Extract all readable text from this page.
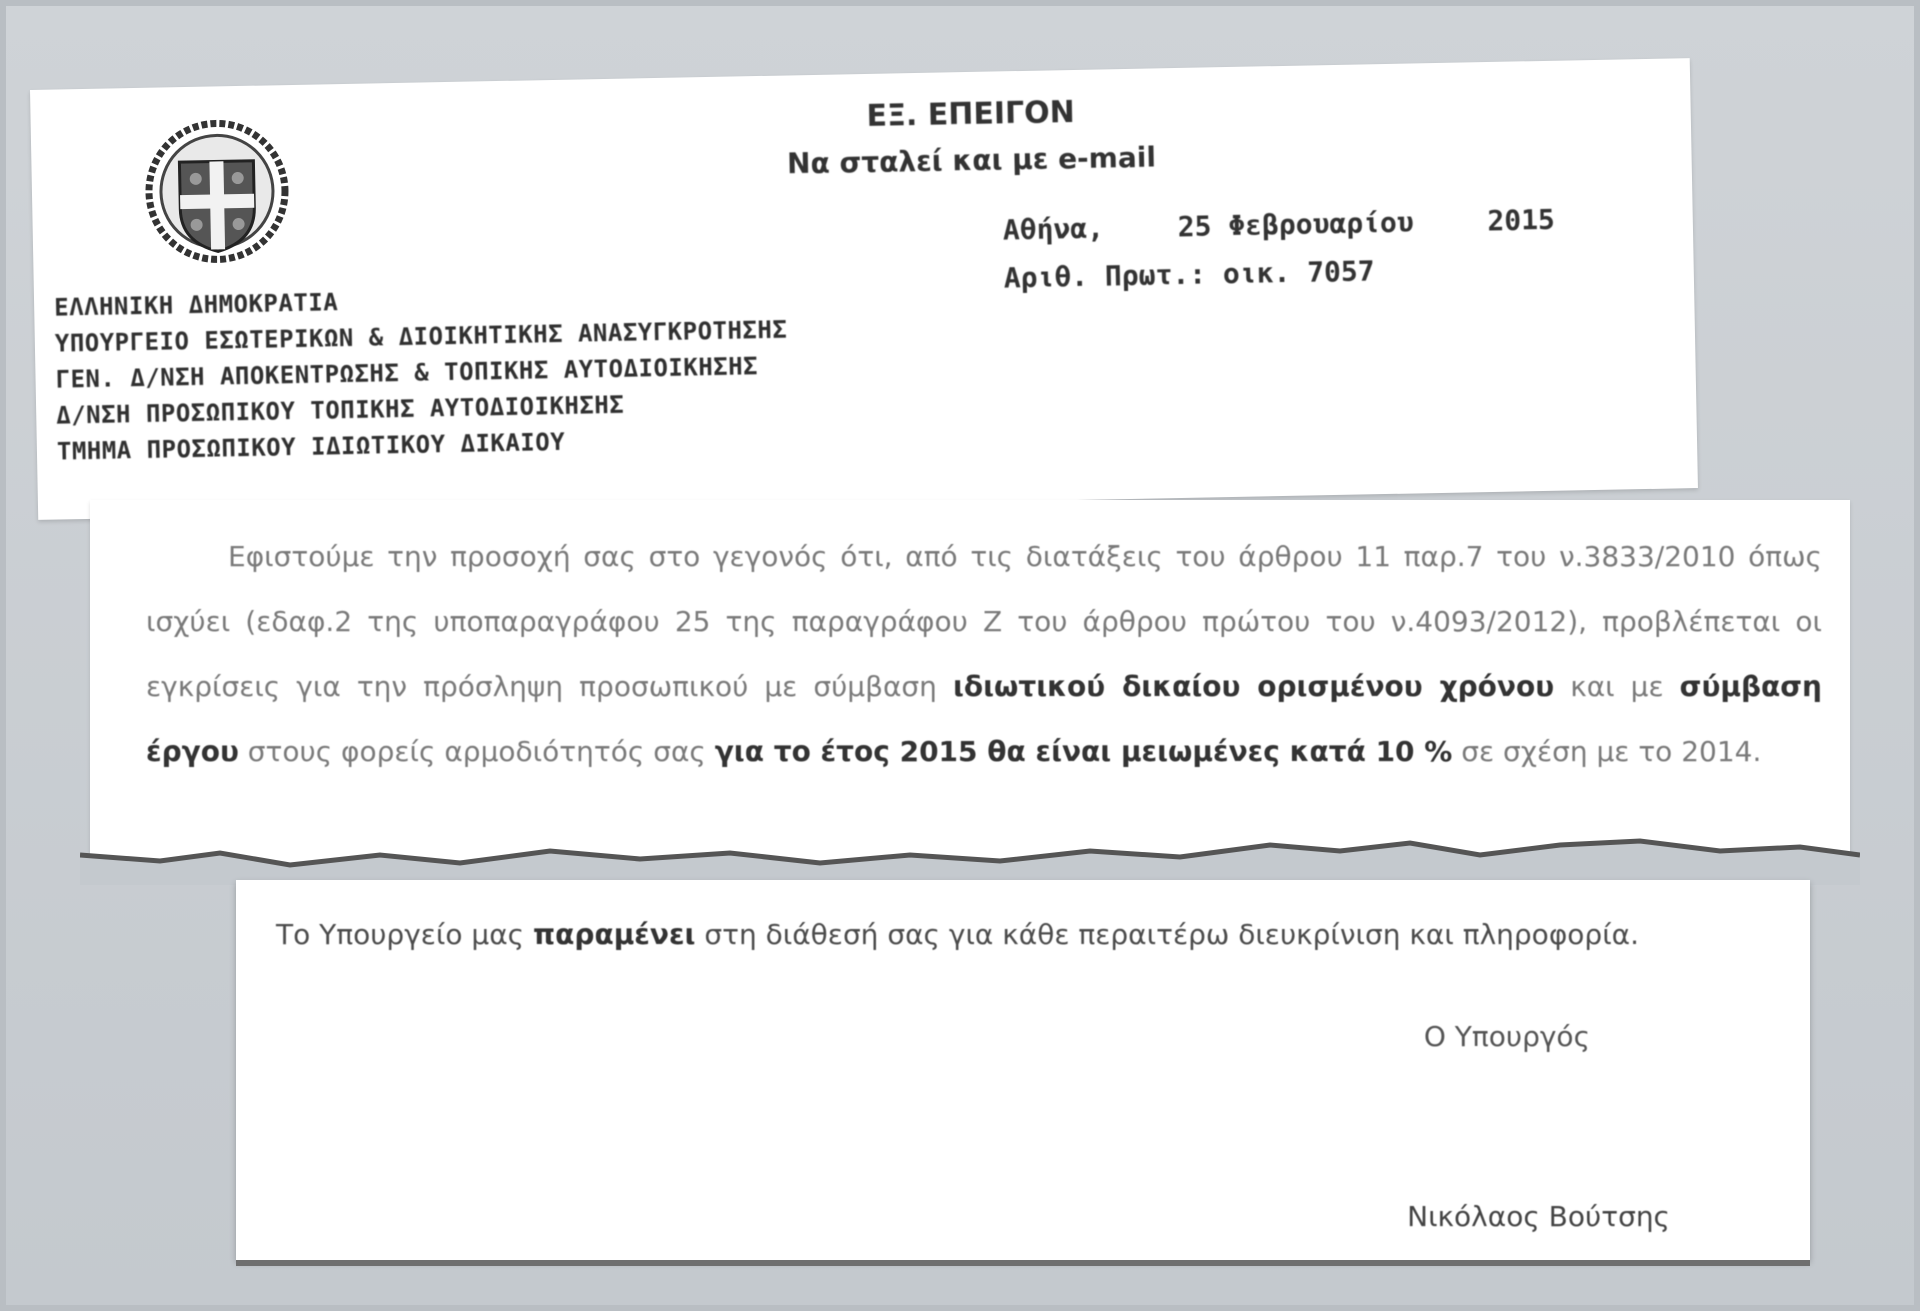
ΕΞ. ΕΠΕΙΓΟΝ
Να σταλεί και με e-mail
Αθήνα,	25 Φεβρουαρίου	2015
Αριθ. Πρωτ.: οικ. 7057
ΕΛΛΗΝΙΚΗ ΔΗΜΟΚΡΑΤΙΑ
ΥΠΟΥΡΓΕΙΟ ΕΣΩΤΕΡΙΚΩΝ & ΔΙΟΙΚΗΤΙΚΗΣ ΑΝΑΣΥΓΚΡΟΤΗΣΗΣ
ΓΕΝ. Δ/ΝΣΗ ΑΠΟΚΕΝΤΡΩΣΗΣ & ΤΟΠΙΚΗΣ ΑΥΤΟΔΙΟΙΚΗΣΗΣ
Δ/ΝΣΗ ΠΡΟΣΩΠΙΚΟΥ ΤΟΠΙΚΗΣ ΑΥΤΟΔΙΟΙΚΗΣΗΣ
ΤΜΗΜΑ ΠΡΟΣΩΠΙΚΟΥ ΙΔΙΩΤΙΚΟΥ ΔΙΚΑΙΟΥ
Εφιστούμε την προσοχή σας στο γεγονός ότι, από τις διατάξεις του άρθρου 11 παρ.7 του ν.3833/2010 όπως ισχύει (εδαφ.2 της υποπαραγράφου 25 της παραγράφου Ζ του άρθρου πρώτου του ν.4093/2012), προβλέπεται οι εγκρίσεις για την πρόσληψη προσωπικού με σύμβαση ιδιωτικού δικαίου ορισμένου χρόνου και με σύμβαση έργου στους φορείς αρμοδιότητός σας για το έτος 2015 θα είναι μειωμένες κατά 10 % σε σχέση με το 2014.
Το Υπουργείο μας παραμένει στη διάθεσή σας για κάθε περαιτέρω διευκρίνιση και πληροφορία.
Ο Υπουργός
Νικόλαος Βούτσης
